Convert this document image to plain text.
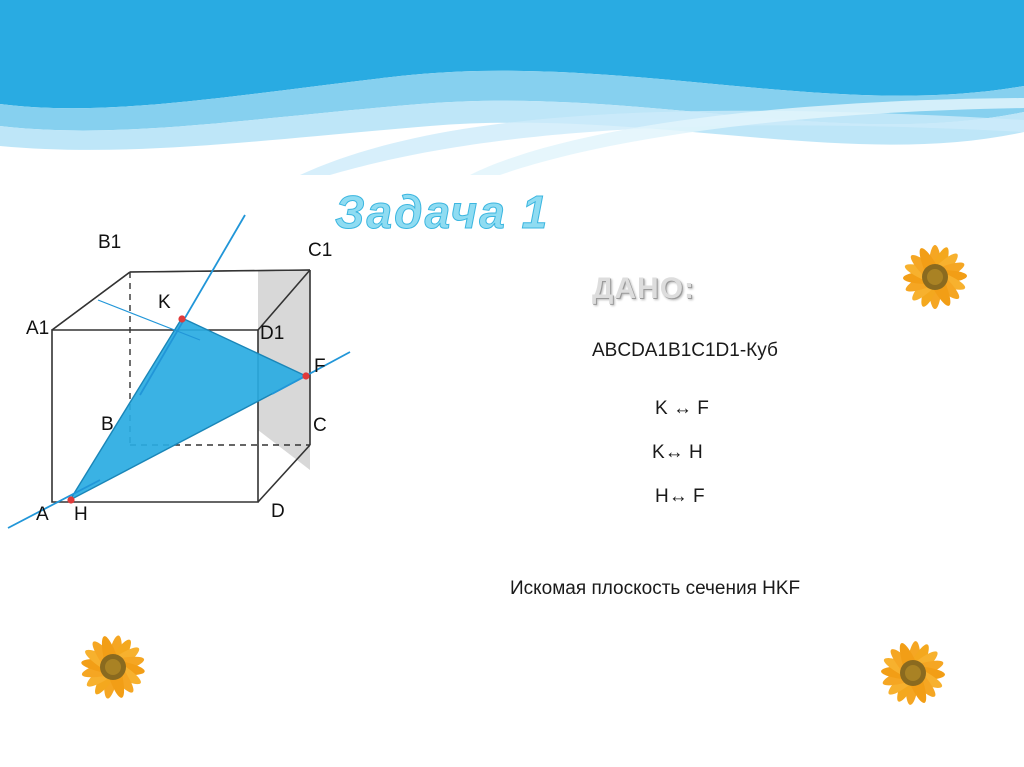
Задача 1
ДАНО:
ABCDA1B1C1D1-Куб
K ↔ F
K↔ H
H↔ F
Искомая плоскость сечения HKF
B1	C1
A1	D1
K
F
B	C
A H	D
